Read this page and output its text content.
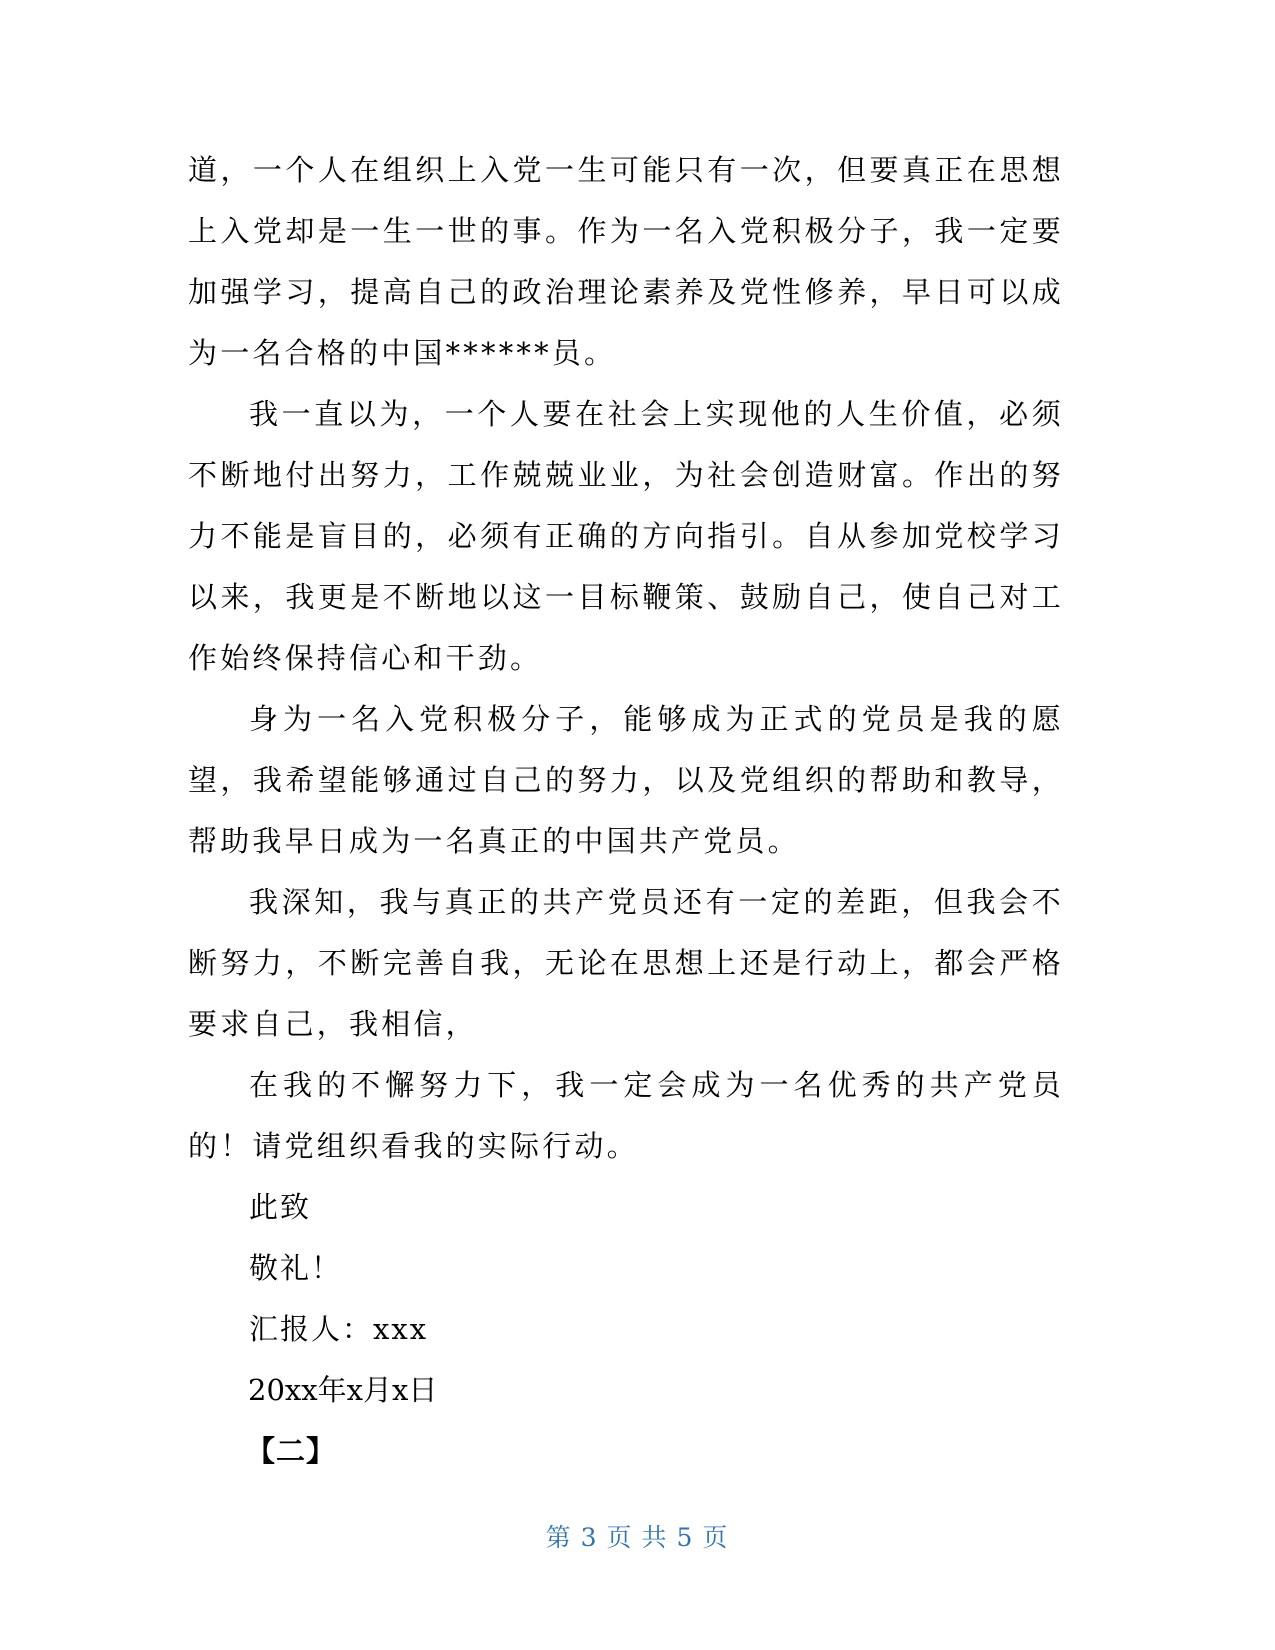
道，一个人在组织上入党一生可能只有一次，但要真正在思想上入党却是一生一世的事。作为一名入党积极分子，我一定要加强学习，提高自己的政治理论素养及党性修养，早日可以成为一名合格的中国******员。

我一直以为，一个人要在社会上实现他的人生价值，必须不断地付出努力，工作兢兢业业，为社会创造财富。作出的努力不能是盲目的，必须有正确的方向指引。自从参加党校学习以来，我更是不断地以这一目标鞭策、鼓励自己，使自己对工作始终保持信心和干劲。

身为一名入党积极分子，能够成为正式的党员是我的愿望，我希望能够通过自己的努力，以及党组织的帮助和教导，帮助我早日成为一名真正的中国共产党员。

我深知，我与真正的共产党员还有一定的差距，但我会不断努力，不断完善自我，无论在思想上还是行动上，都会严格要求自己，我相信，

在我的不懈努力下，我一定会成为一名优秀的共产党员的！请党组织看我的实际行动。

此致

敬礼！

汇报人：xxx

20xx年x月x日

【二】

第 3 页 共 5 页
